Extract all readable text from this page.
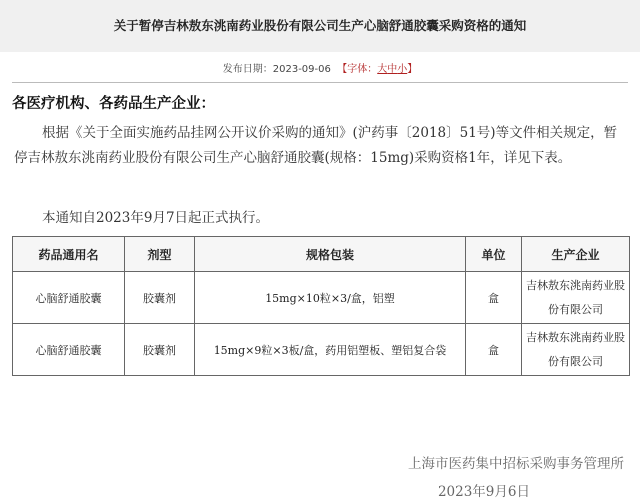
关于暂停吉林敖东洮南药业股份有限公司生产心脑舒通胶囊采购资格的通知
发布日期：2023-09-06 【字体：大中小】
各医疗机构、各药品生产企业：

根据《关于全面实施药品挂网公开议价采购的通知》(沪药事〔2018〕51号)等文件相关规定，暂停吉林敖东洮南药业股份有限公司生产心脑舒通胶囊(规格：15mg)采购资格1年，详见下表。

本通知自2023年9月7日起正式执行。

药品通用名	剂型	规格包装	单位	生产企业
心脑舒通胶囊	胶囊剂	15mg×10粒×3/盒，铝塑	盒	吉林敖东洮南药业股份有限公司
心脑舒通胶囊	胶囊剂	15mg×9粒×3板/盒，药用铝塑板、塑铝复合袋	盒	吉林敖东洮南药业股份有限公司
上海市医药集中招标采购事务管理所
2023年9月6日
